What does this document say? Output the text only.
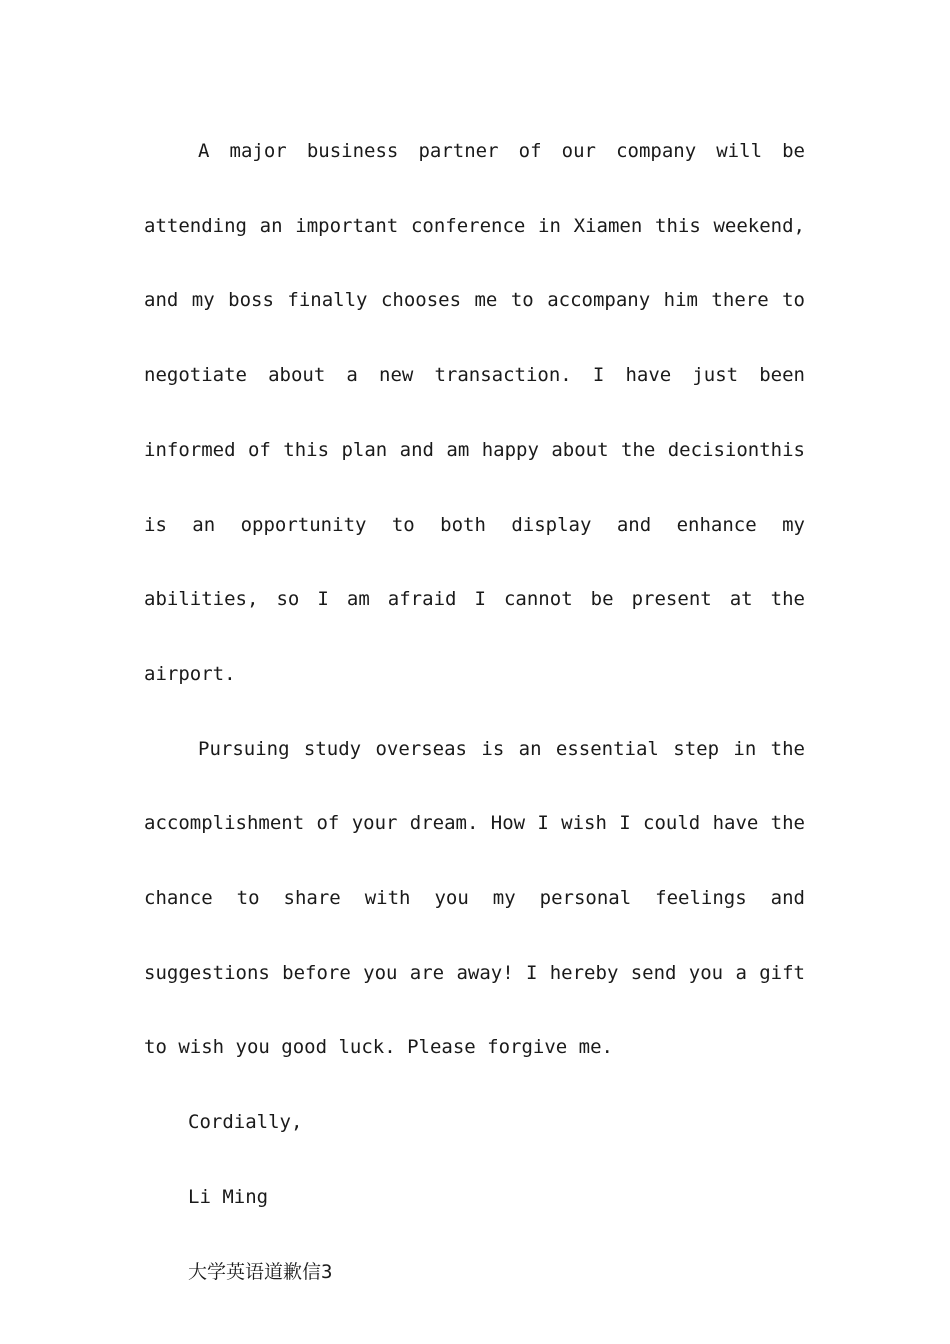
A major business partner of our company will be attending an important conference in Xiamen this weekend, and my boss finally chooses me to accompany him there to negotiate about a new transaction. I have just been informed of this plan and am happy about the decisionthis is an opportunity to both display and enhance my abilities, so I am afraid I cannot be present at the airport.

Pursuing study overseas is an essential step in the accomplishment of your dream. How I wish I could have the chance to share with you my personal feelings and suggestions before you are away! I hereby send you a gift to wish you good luck. Please forgive me.

Cordially,

Li Ming

大学英语道歉信3
